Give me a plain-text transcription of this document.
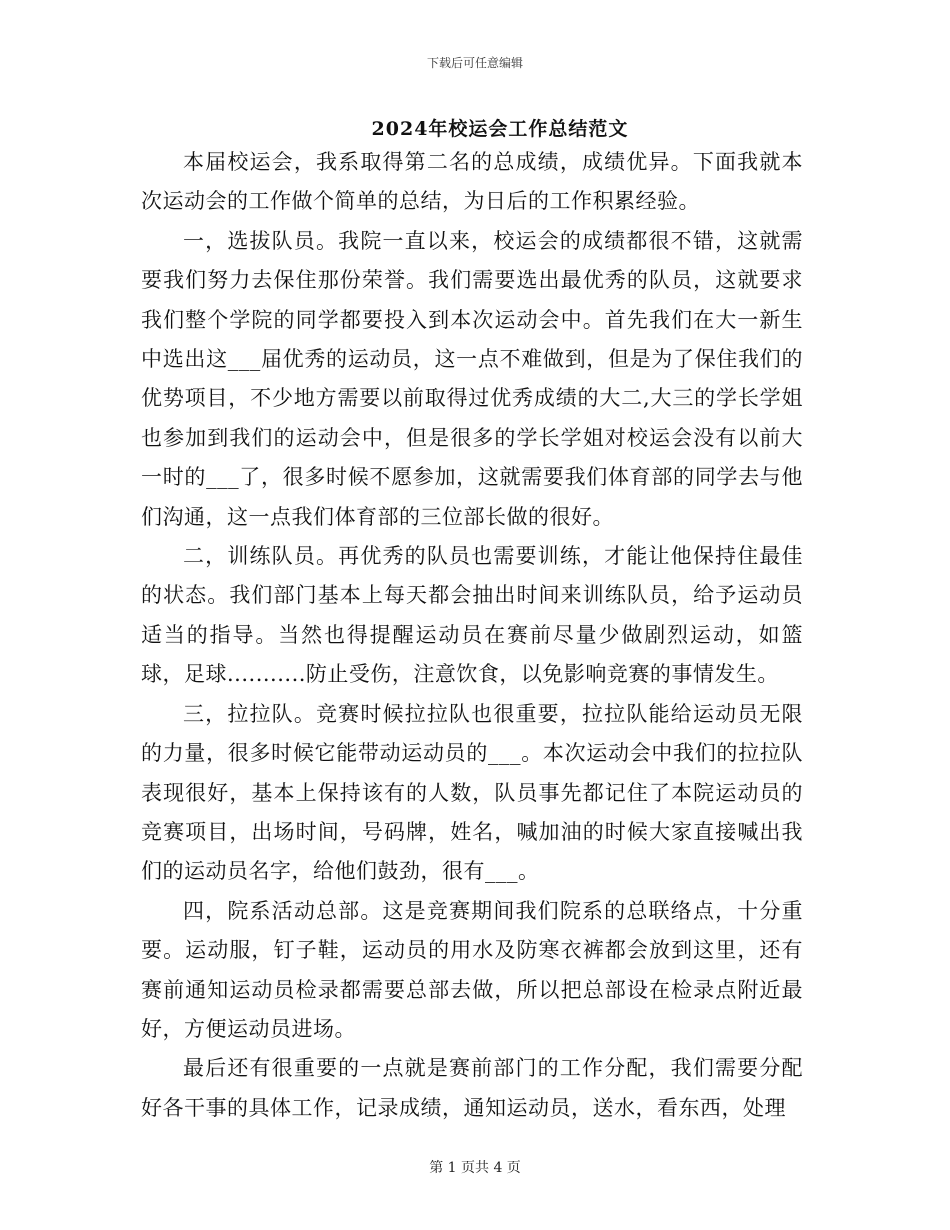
下载后可任意编辑
2024年校运会工作总结范文

本届校运会，我系取得第二名的总成绩，成绩优异。下面我就本次运动会的工作做个简单的总结，为日后的工作积累经验。

一，选拔队员。我院一直以来，校运会的成绩都很不错，这就需要我们努力去保住那份荣誉。我们需要选出最优秀的队员，这就要求我们整个学院的同学都要投入到本次运动会中。首先我们在大一新生中选出这___届优秀的运动员，这一点不难做到，但是为了保住我们的优势项目，不少地方需要以前取得过优秀成绩的大二,大三的学长学姐也参加到我们的运动会中，但是很多的学长学姐对校运会没有以前大一时的___了，很多时候不愿参加，这就需要我们体育部的同学去与他们沟通，这一点我们体育部的三位部长做的很好。

二，训练队员。再优秀的队员也需要训练，才能让他保持住最佳的状态。我们部门基本上每天都会抽出时间来训练队员，给予运动员适当的指导。当然也得提醒运动员在赛前尽量少做剧烈运动，如篮球，足球...........防止受伤，注意饮食，以免影响竞赛的事情发生。

三，拉拉队。竞赛时候拉拉队也很重要，拉拉队能给运动员无限的力量，很多时候它能带动运动员的___。本次运动会中我们的拉拉队表现很好，基本上保持该有的人数，队员事先都记住了本院运动员的竞赛项目，出场时间，号码牌，姓名，喊加油的时候大家直接喊出我们的运动员名字，给他们鼓劲，很有___。

四，院系活动总部。这是竞赛期间我们院系的总联络点，十分重要。运动服，钉子鞋，运动员的用水及防寒衣裤都会放到这里，还有赛前通知运动员检录都需要总部去做，所以把总部设在检录点附近最好，方便运动员进场。

最后还有很重要的一点就是赛前部门的工作分配，我们需要分配好各干事的具体工作，记录成绩，通知运动员，送水，看东西，处理

第 1 页共 4 页
